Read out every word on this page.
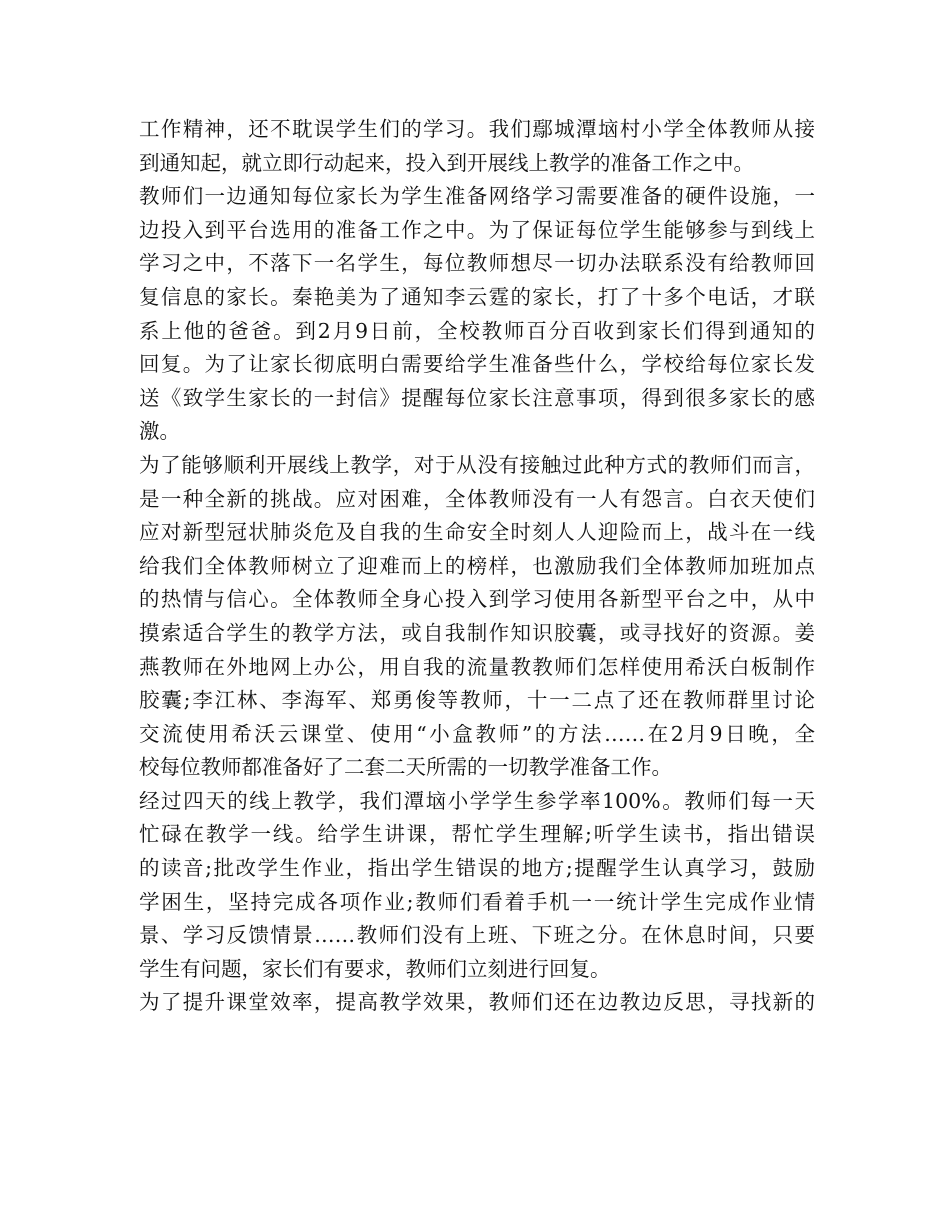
工作精神，还不耽误学生们的学习。我们鄢城潭垴村小学全体教师从接
到通知起，就立即行动起来，投入到开展线上教学的准备工作之中。
教师们一边通知每位家长为学生准备网络学习需要准备的硬件设施，一
边投入到平台选用的准备工作之中。为了保证每位学生能够参与到线上
学习之中，不落下一名学生，每位教师想尽一切办法联系没有给教师回
复信息的家长。秦艳美为了通知李云霆的家长，打了十多个电话，才联
系上他的爸爸。到2月9日前，全校教师百分百收到家长们得到通知的
回复。为了让家长彻底明白需要给学生准备些什么，学校给每位家长发
送《致学生家长的一封信》提醒每位家长注意事项，得到很多家长的感
激。
为了能够顺利开展线上教学，对于从没有接触过此种方式的教师们而言，
是一种全新的挑战。应对困难，全体教师没有一人有怨言。白衣天使们
应对新型冠状肺炎危及自我的生命安全时刻人人迎险而上，战斗在一线
给我们全体教师树立了迎难而上的榜样，也激励我们全体教师加班加点
的热情与信心。全体教师全身心投入到学习使用各新型平台之中，从中
摸索适合学生的教学方法，或自我制作知识胶囊，或寻找好的资源。姜
燕教师在外地网上办公，用自我的流量教教师们怎样使用希沃白板制作
胶囊;李江林、李海军、郑勇俊等教师，十一二点了还在教师群里讨论
交流使用希沃云课堂、使用“小盒教师”的方法……在2月9日晚，全
校每位教师都准备好了二套二天所需的一切教学准备工作。
经过四天的线上教学，我们潭垴小学学生参学率100%。教师们每一天
忙碌在教学一线。给学生讲课，帮忙学生理解;听学生读书，指出错误
的读音;批改学生作业，指出学生错误的地方;提醒学生认真学习，鼓励
学困生，坚持完成各项作业;教师们看着手机一一统计学生完成作业情
景、学习反馈情景……教师们没有上班、下班之分。在休息时间，只要
学生有问题，家长们有要求，教师们立刻进行回复。
为了提升课堂效率，提高教学效果，教师们还在边教边反思，寻找新的
